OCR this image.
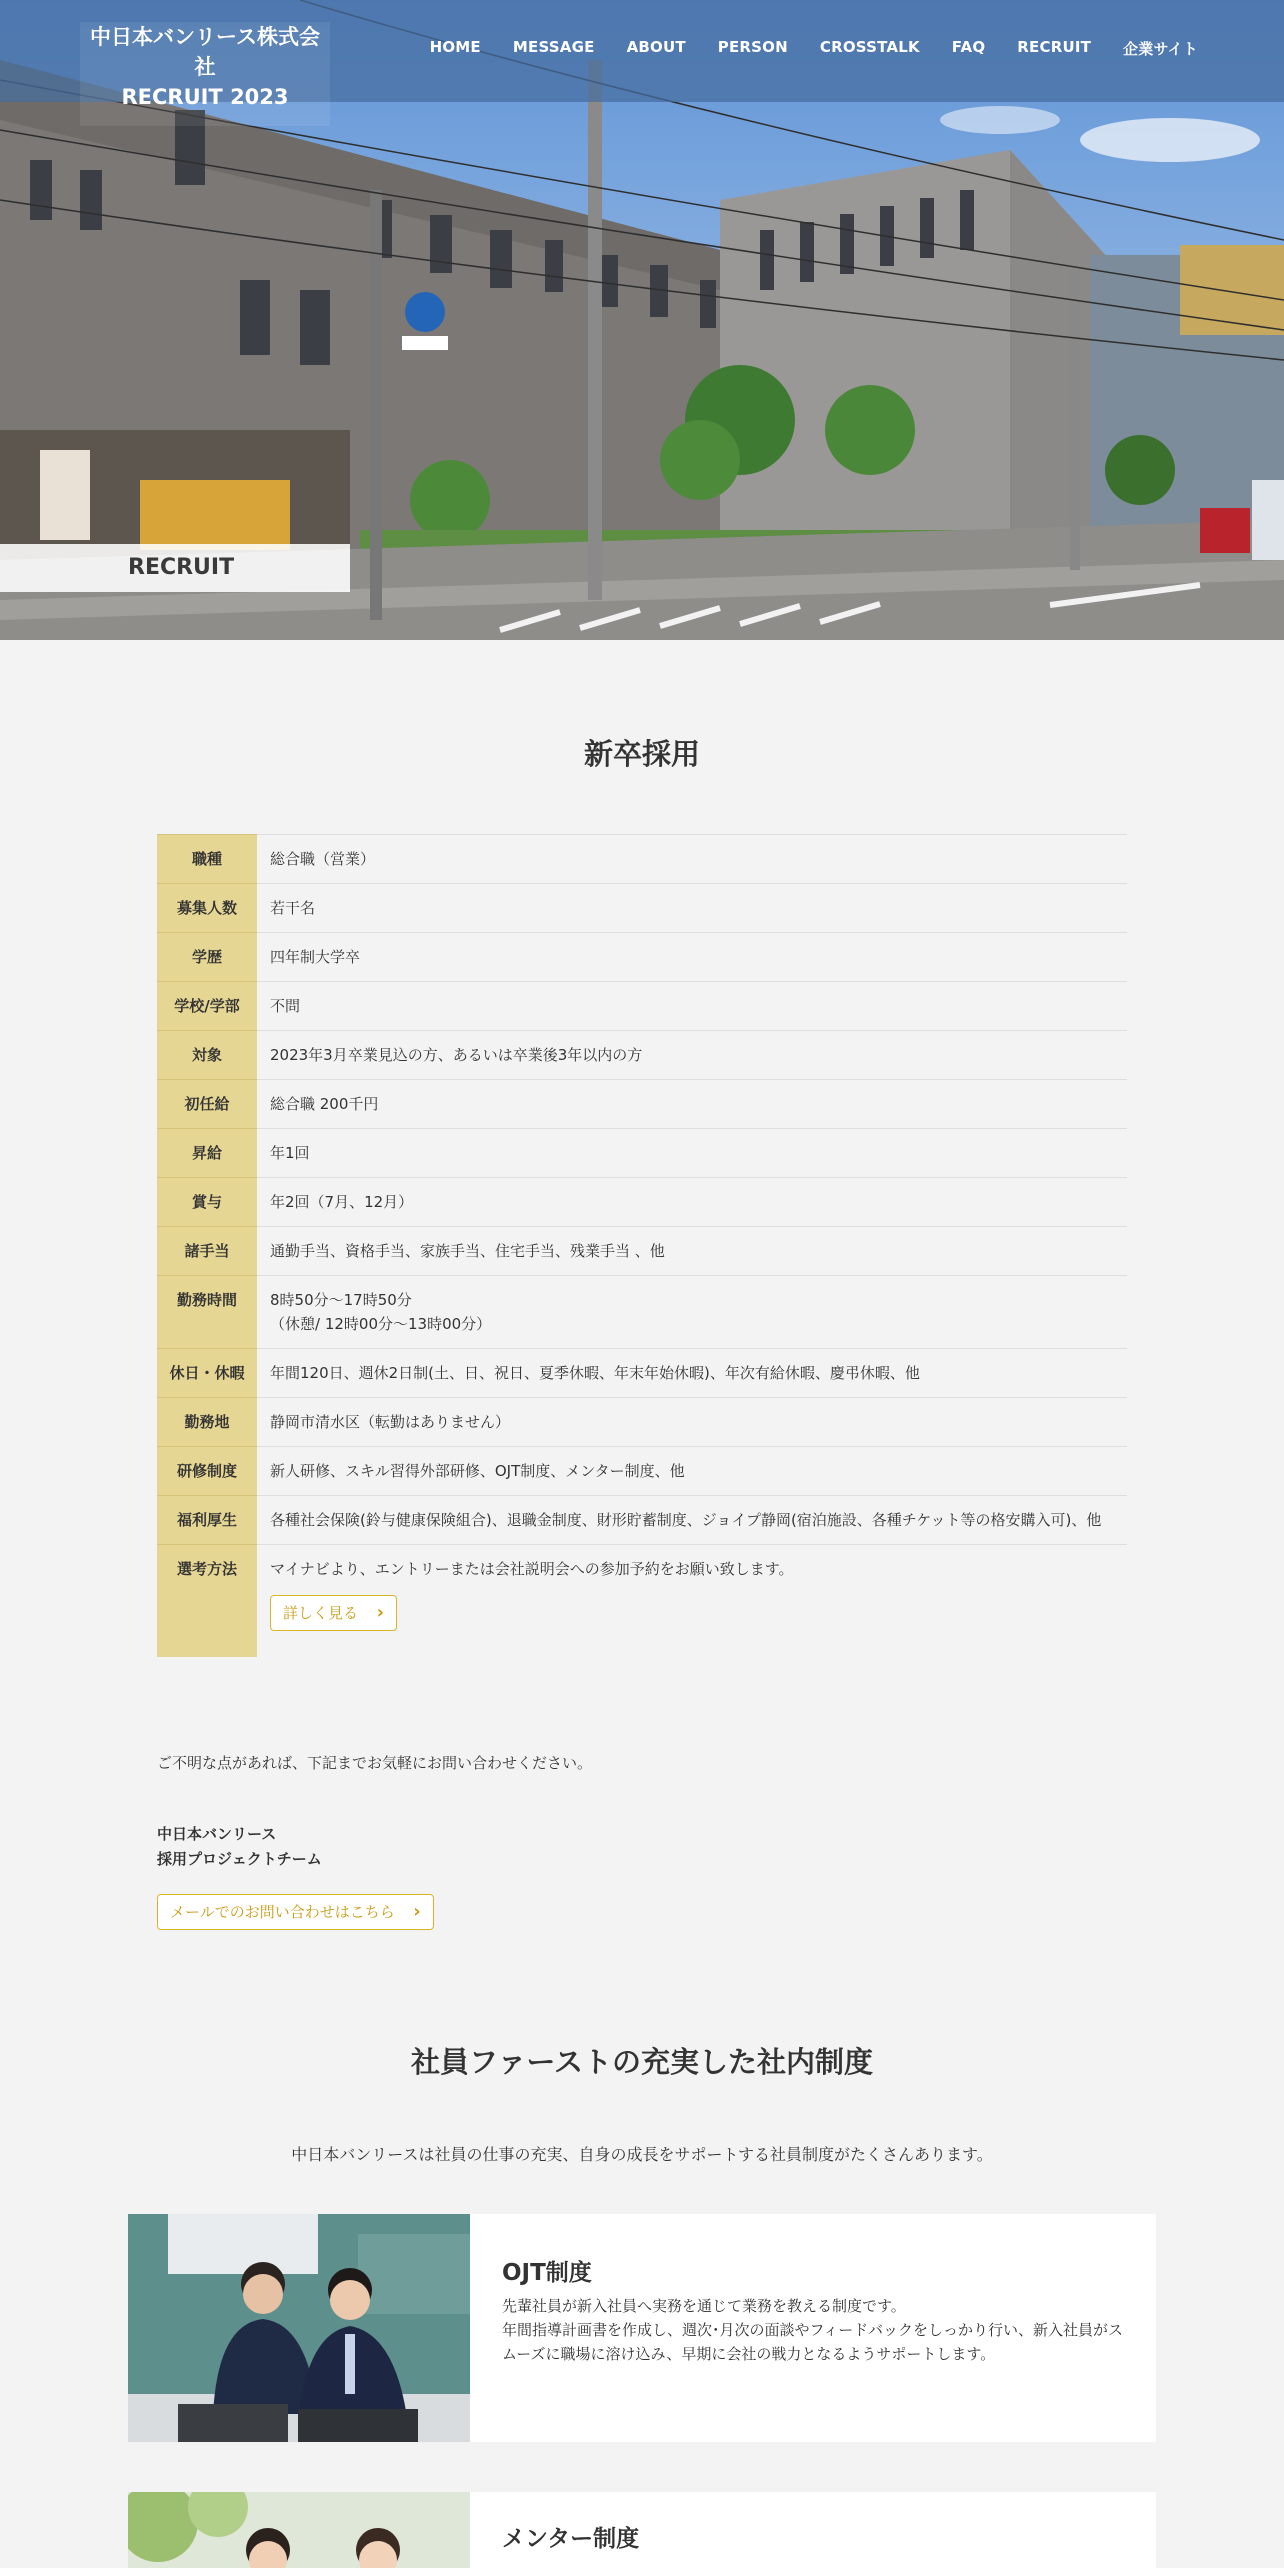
中日本バンリース株式会社
RECRUIT 2023
HOME MESSAGE ABOUT PERSON CROSSTALK FAQ RECRUIT 企業サイト
RECRUIT
新卒採用
職種	総合職（営業）
募集人数	若干名
学歴	四年制大学卒
学校/学部	不問
対象	2023年3月卒業見込の方、あるいは卒業後3年以内の方
初任給	総合職 200千円
昇給	年1回
賞与	年2回（7月、12月）
諸手当	通勤手当、資格手当、家族手当、住宅手当、残業手当 、他
勤務時間	8時50分～17時50分
（休憩/ 12時00分～13時00分）

休日・休暇	年間120日、週休2日制(土、日、祝日、夏季休暇、年末年始休暇)、年次有給休暇、慶弔休暇、他
勤務地	静岡市清水区（転勤はありません）
研修制度	新人研修、スキル習得外部研修、OJT制度、メンター制度、他
福利厚生	各種社会保険(鈴与健康保険組合)、退職金制度、財形貯蓄制度、ジョイプ静岡(宿泊施設、各種チケット等の格安購入可)、他
選考方法	マイナビより、エントリーまたは会社説明会への参加予約をお願い致します。
詳しく見る ›
ご不明な点があれば、下記までお気軽にお問い合わせください。
中日本バンリース
採用プロジェクトチーム
メールでのお問い合わせはこちら ›
社員ファーストの充実した社内制度
中日本バンリースは社員の仕事の充実、自身の成長をサポートする社員制度がたくさんあります。
OJT制度

先輩社員が新入社員へ実務を通じて業務を教える制度です。
年間指導計画書を作成し、週次･月次の面談やフィードバックをしっかり行い、新入社員がスムーズに職場に溶け込み、早期に会社の戦力となるようサポートします。

メンター制度
